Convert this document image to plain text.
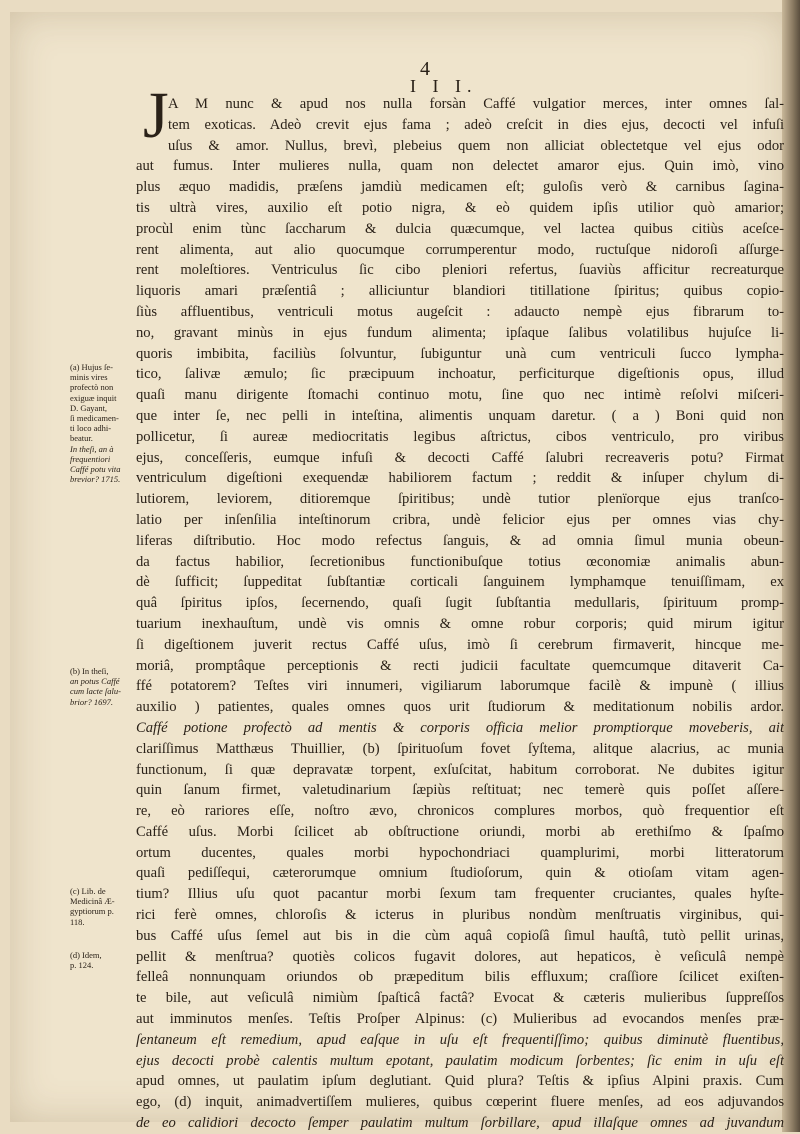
4
I I I.
J A M nunc & apud nos nulla forsàn Caffé vulgatior merces, inter omnes ſal-
tem exoticas. Adeò crevit ejus fama ; adeò creſcit in dies ejus, decocti vel infuſi
uſus & amor. Nullus, brevì, plebeius quem non alliciat oblectetque vel ejus odor
aut fumus. Inter mulieres nulla, quam non delectet amaror ejus. Quin imò, vino
plus æquo madidis, præſens jamdiù medicamen eſt; guloſis verò & carnibus ſagina-
tis ultrà vires, auxilio eſt potio nigra, & eò quidem ipſis utilior quò amarior;
procùl enim tùnc ſaccharum & dulcia quæcumque, vel lactea quibus citiùs aceſce-
rent alimenta, aut alio quocumque corrumperentur modo, ructuſque nidoroſi aſſurge-
rent moleſtiores. Ventriculus ſic cibo pleniori refertus, ſuaviùs afficitur recreaturque
liquoris amari præſentiâ ; alliciuntur blandiori titillatione ſpiritus; quibus copio-
ſiùs affluentibus, ventriculi motus augeſcit : adaucto nempè ejus fibrarum to-
no, gravant minùs in ejus fundum alimenta; ipſaque ſalibus volatilibus hujuſce li-
quoris imbibita, faciliùs ſolvuntur, ſubiguntur unà cum ventriculi ſucco lympha-
tico, ſalivæ æmulo; ſic præcipuum inchoatur, perficiturque digeſtionis opus, illud
quaſi manu dirigente ſtomachi continuo motu, ſine quo nec intimè reſolvi miſceri-
que inter ſe, nec pelli in inteſtina, alimentis unquam daretur. ( a ) Boni quid non
pollicetur, ſi aureæ mediocritatis legibus aſtrictus, cibos ventriculo, pro viribus
ejus, conceſſeris, eumque infuſi & decocti Caffé ſalubri recreaveris potu? Firmat
ventriculum digeſtioni exequendæ habiliorem factum ; reddit & inſuper chylum di-
lutiorem, leviorem, ditioremque ſpiritibus; undè tutior plenїorque ejus tranſco-
latio per inſenſilia inteſtinorum cribra, undè felicior ejus per omnes vias chy-
liferas diſtributio. Hoc modo refectus ſanguis, & ad omnia ſimul munia obeun-
da factus habilior, ſecretionibus functionibuſque totius œconomiæ animalis abun-
dè ſufficit; ſuppeditat ſubſtantiæ corticali ſanguinem lymphamque tenuiſſimam, ex
quâ ſpiritus ipſos, ſecernendo, quaſi ſugit ſubſtantia medullaris, ſpirituum promp-
tuarium inexhauſtum, undè vis omnis & omne robur corporis; quid mirum igitur
ſi digeſtionem juverit rectus Caffé uſus, imò ſi cerebrum firmaverit, hincque me-
moriâ, promptâque perceptionis & recti judicii facultate quemcumque ditaverit Ca-
ffé potatorem? Teſtes viri innumeri, vigiliarum laborumque facilè & impunè ( illius
auxilio ) patientes, quales omnes quos urit ſtudiorum & meditationum nobilis ardor.
Caffé potione profectò ad mentis & corporis officia melior promptiorque moveberis, ait
clariſſimus Matthæus Thuillier, (b) ſpirituoſum fovet ſyſtema, alitque alacrius, ac munia
functionum, ſi quæ depravatæ torpent, exſuſcitat, habitum corroborat. Ne dubites igitur
quin ſanum firmet, valetudinarium ſæpiùs reſtituat; nec temerè quis poſſet aſſere-
re, eò rariores eſſe, noſtro ævo, chronicos complures morbos, quò frequentior eſt
Caffé uſus. Morbi ſcilicet ab obſtructione oriundi, morbi ab erethiſmo & ſpaſmo
ortum ducentes, quales morbi hypochondriaci quamplurimi, morbi litteratorum
quaſi pediſſequi, cæterorumque omnium ſtudioſorum, quin & otioſam vitam agen-
tium? Illius uſu quot pacantur morbi ſexum tam frequenter cruciantes, quales hyſte-
rici ferè omnes, chloroſis & icterus in pluribus nondùm menſtruatis virginibus, qui-
bus Caffé uſus ſemel aut bis in die cùm aquâ copioſâ ſimul hauſtâ, tutò pellit urinas,
pellit & menſtrua? quotiès colicos fugavit dolores, aut hepaticos, è veſiculâ nempè
felleâ nonnunquam oriundos ob præpeditum bilis effluxum; craſſiore ſcilicet exiſten-
te bile, aut veſiculâ nimiùm ſpaſticâ factâ? Evocat & cæteris mulieribus ſuppreſſos
aut imminutos menſes. Teſtis Proſper Alpinus: (c) Mulieribus ad evocandos menſes præ-
ſentaneum eſt remedium, apud eaſque in uſu eſt frequentiſſimo; quibus diminutè fluentibus,
ejus decocti probè calentis multum epotant, paulatim modicum ſorbentes; ſic enim in uſu eſt
apud omnes, ut paulatim ipſum deglutiant. Quid plura? Teſtis & ipſius Alpini praxis. Cum
ego, (d) inquit, animadvertiſſem mulieres, quibus cœperint fluere menſes, ad eos adjuvandos
de eo calidiori decocto ſemper paulatim multum ſorbillare, apud illaſque omnes ad juvandum
(a) Hujus ſe-
minis vires
profectò non
exiguæ inquit
D. Gayant,
ſi medicamen-
ti loco adhi-
beatur.
In theſi, an à
frequentiori
Caffé potu vita
brevior? 1715.
(b) In theſi,
an potus Caffé
cum lacte ſalu-
brior? 1697.
(c) Lib. de
Medicinâ Æ-
gyptiorum p.
118.
(d) Idem,
p. 124.
